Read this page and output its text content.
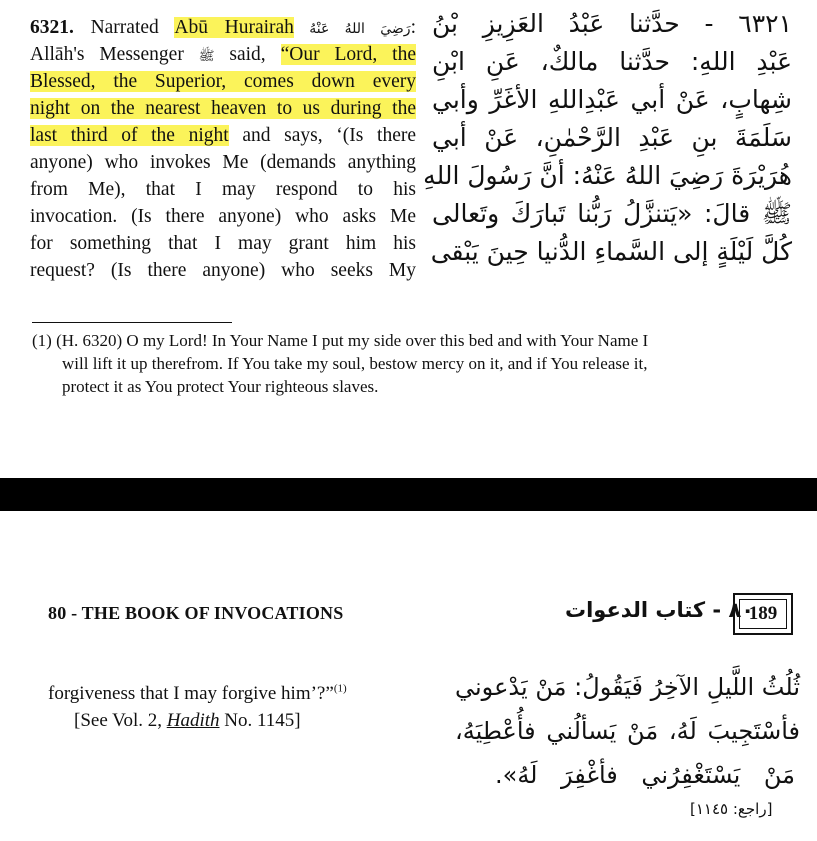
6321. Narrated Abū Hurairah رَضِيَ اللهُ عَنْهُ:
Allāh's Messenger ﷺ said, “Our Lord, the
Blessed, the Superior, comes down every
night on the nearest heaven to us during the
last third of the night and says, ‘(Is there
anyone) who invokes Me (demands anything
from Me), that I may respond to his
invocation. (Is there anyone) who asks Me
for something that I may grant him his
request? (Is there anyone) who seeks My
٦٣٢١ - حدَّثنا عَبْدُ العَزِيزِ بْنُ
عَبْدِ اللهِ: حدَّثنا مالكٌ، عَنِ ابْنِ
شِهابٍ، عَنْ أبي عَبْدِاللهِ الأغَرِّ وأبي
سَلَمَةَ بنِ عَبْدِ الرَّحْمٰنِ، عَنْ أبي
هُرَيْرَةَ رَضِيَ اللهُ عَنْهُ: أنَّ رَسُولَ اللهِ
ﷺ قالَ: «يَتنزَّلُ رَبُّنا تَبارَكَ وتَعالى
كُلَّ لَيْلَةٍ إلى السَّماءِ الدُّنيا حِينَ يَبْقى
(1) (H. 6320) O my Lord! In Your Name I put my side over this bed and with Your Name I
will lift it up therefrom. If You take my soul, bestow mercy on it, and if You release it,
protect it as You protect Your righteous slaves.
80 - THE BOOK OF INVOCATIONS	٨٠ - كتاب الدعوات
189
forgiveness that I may forgive him’?”$^{(1)}$
[See Vol. 2, Hadith No. 1145]
ثُلُثُ اللَّيلِ الآخِرُ فَيَقُولُ: مَنْ يَدْعوني
فأسْتَجِيبَ لَهُ، مَنْ يَسألُني فأُعْطِيَهُ،
مَنْ يَسْتَغْفِرُني فأغْفِرَ لَهُ».
[راجع: ١١٤٥]
